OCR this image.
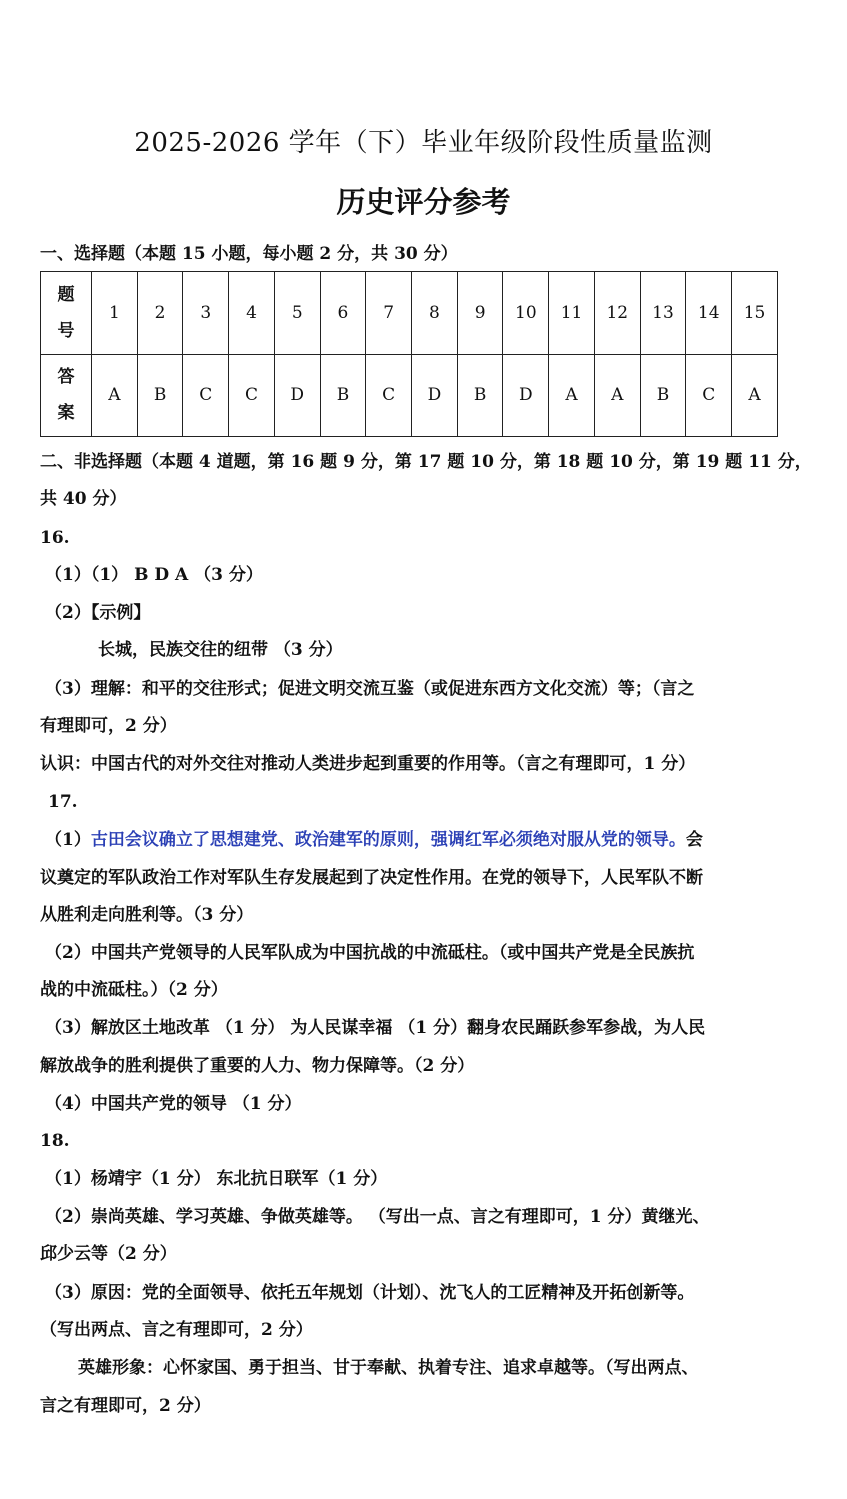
2025-2026 学年（下）毕业年级阶段性质量监测
历史评分参考
一、选择题（本题 15 小题，每小题 2 分，共 30 分）
题
号	1	2	3	4	5	6	7	8	9	10	11	12	13	14	15

答
案	A	B	C	C	D	B	C	D	B	D	A	A	B	C	A
二、非选择题（本题 4 道题，第 16 题 9 分，第 17 题 10 分，第 18 题 10 分，第 19 题 11 分，
共 40 分）
16.
（1）（1） B D A （3 分）
（2）【示例】
长城，民族交往的纽带 （3 分）
（3）理解：和平的交往形式；促进文明交流互鉴（或促进东西方文化交流）等；（言之
有理即可，2 分）
认识：中国古代的对外交往对推动人类进步起到重要的作用等。（言之有理即可，1 分）
17.
（1）古田会议确立了思想建党、政治建军的原则，强调红军必须绝对服从党的领导。会
议奠定的军队政治工作对军队生存发展起到了决定性作用。在党的领导下，人民军队不断
从胜利走向胜利等。（3 分）
（2）中国共产党领导的人民军队成为中国抗战的中流砥柱。（或中国共产党是全民族抗
战的中流砥柱。）（2 分）
（3）解放区土地改革 （1 分） 为人民谋幸福 （1 分）翻身农民踊跃参军参战，为人民
解放战争的胜利提供了重要的人力、物力保障等。（2 分）
（4）中国共产党的领导 （1 分）
18.
（1）杨靖宇（1 分） 东北抗日联军（1 分）
（2）崇尚英雄、学习英雄、争做英雄等。 （写出一点、言之有理即可，1 分）黄继光、
邱少云等（2 分）
（3）原因：党的全面领导、依托五年规划（计划）、沈飞人的工匠精神及开拓创新等。
（写出两点、言之有理即可，2 分）
英雄形象：心怀家国、勇于担当、甘于奉献、执着专注、追求卓越等。（写出两点、
言之有理即可，2 分）
